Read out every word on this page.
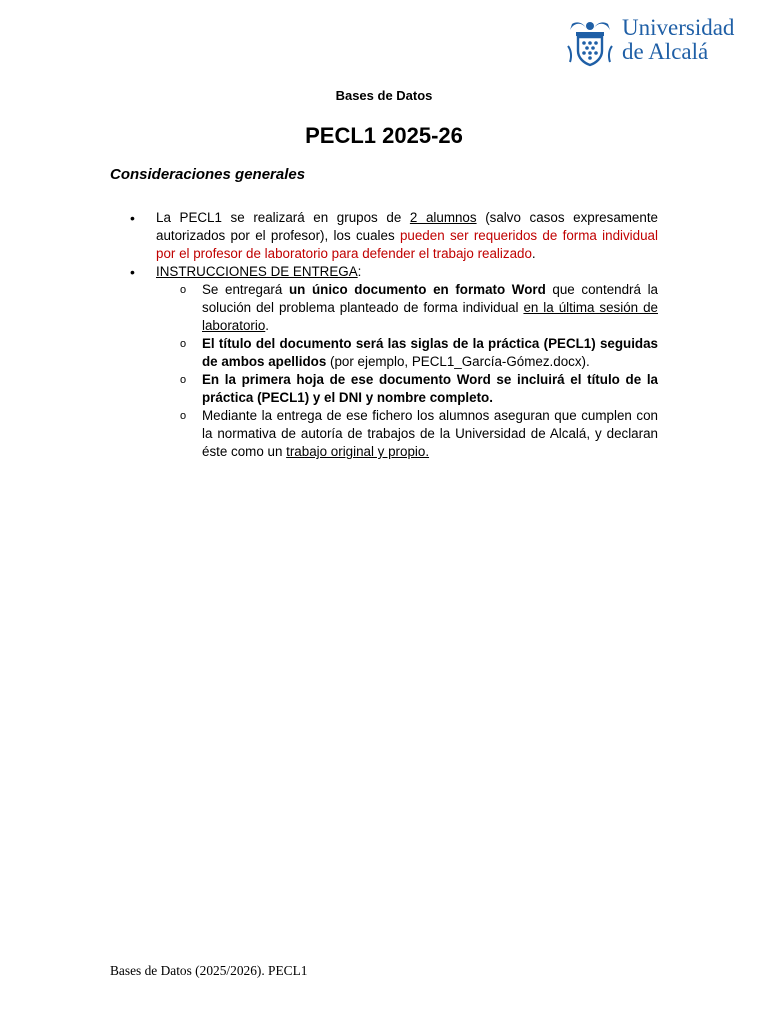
Universidad
de Alcalá
Bases de Datos
PECL1 2025-26
Consideraciones generales
•	La PECL1 se realizará en grupos de 2 alumnos (salvo casos expresamente autorizados por el profesor), los cuales pueden ser requeridos de forma individual por el profesor de laboratorio para defender el trabajo realizado.
•	INSTRUCCIONES DE ENTREGA:
o Se entregará un único documento en formato Word que contendrá la solución del problema planteado de forma individual en la última sesión de laboratorio.
o El título del documento será las siglas de la práctica (PECL1) seguidas de ambos apellidos (por ejemplo, PECL1_García-Gómez.docx).
o En la primera hoja de ese documento Word se incluirá el título de la práctica (PECL1) y el DNI y nombre completo.
o Mediante la entrega de ese fichero los alumnos aseguran que cumplen con la normativa de autoría de trabajos de la Universidad de Alcalá, y declaran éste como un trabajo original y propio.
Bases de Datos (2025/2026). PECL1
